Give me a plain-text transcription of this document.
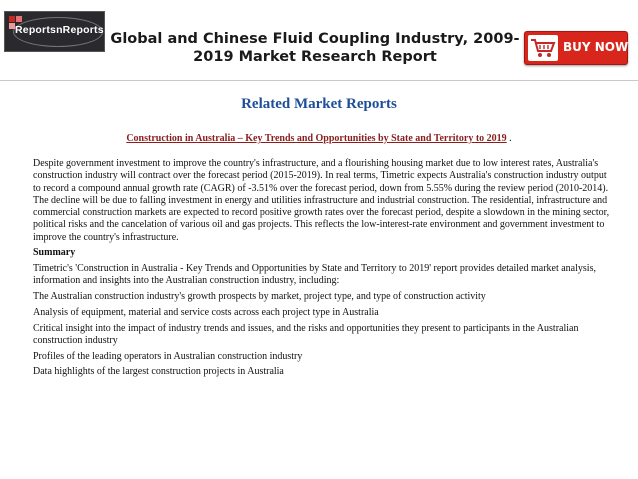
ReportsnReports
Global and Chinese Fluid Coupling Industry, 2009-2019 Market Research Report
BUY NOW
Related Market Reports
Construction in Australia – Key Trends and Opportunities by State and Territory to 2019 .

Despite government investment to improve the country's infrastructure, and a flourishing housing market due to low interest rates, Australia's construction industry will contract over the forecast period (2015-2019). In real terms, Timetric expects Australia's construction industry output to record a compound annual growth rate (CAGR) of -3.51% over the forecast period, down from 5.55% during the review period (2010-2014). The decline will be due to falling investment in energy and utilities infrastructure and industrial construction. The residential, infrastructure and commercial construction markets are expected to record positive growth rates over the forecast period, despite a slowdown in the mining sector, political risks and the cancelation of various oil and gas projects. This reflects the low-interest-rate environment and government investment to improve the country's infrastructure.

Summary

Timetric's 'Construction in Australia - Key Trends and Opportunities by State and Territory to 2019' report provides detailed market analysis, information and insights into the Australian construction industry, including:

The Australian construction industry's growth prospects by market, project type, and type of construction activity

Analysis of equipment, material and service costs across each project type in Australia

Critical insight into the impact of industry trends and issues, and the risks and opportunities they present to participants in the Australian construction industry

Profiles of the leading operators in Australian construction industry

Data highlights of the largest construction projects in Australia
